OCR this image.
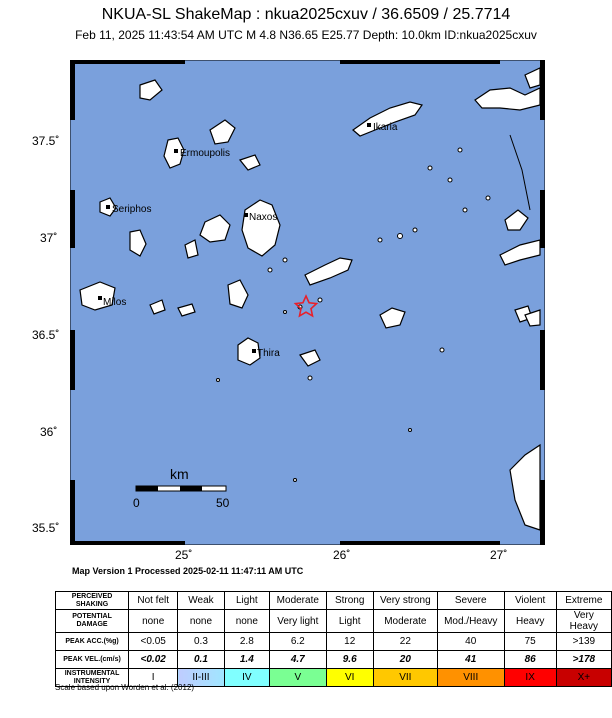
NKUA-SL ShakeMap : nkua2025cxuv / 36.6509 / 25.7714
Feb 11, 2025 11:43:54 AM UTC M 4.8 N36.65 E25.77 Depth: 10.0km ID:nkua2025cxuv
Ikaria
Ermoupolis
Seriphos
Naxos
Milos
Thira
km
0	50
37.5˚
37˚
36.5˚
36˚
35.5˚
25˚	26˚	27˚
Map Version 1 Processed 2025-02-11 11:47:11 AM UTC
PERCEIVED SHAKING	Not felt	Weak	Light	Moderate	Strong	Very strong	Severe	Violent	Extreme
POTENTIAL DAMAGE	none	none	none	Very light	Light	Moderate	Mod./Heavy	Heavy	Very Heavy
PEAK ACC.(%g)	<0.05	0.3	2.8	6.2	12	22	40	75	>139
PEAK VEL.(cm/s)	<0.02	0.1	1.4	4.7	9.6	20	41	86	>178
INSTRUMENTAL INTENSITY	I	II-III	IV	V	VI	VII	VIII	IX	X+
Scale based upon Worden et al. (2012)
